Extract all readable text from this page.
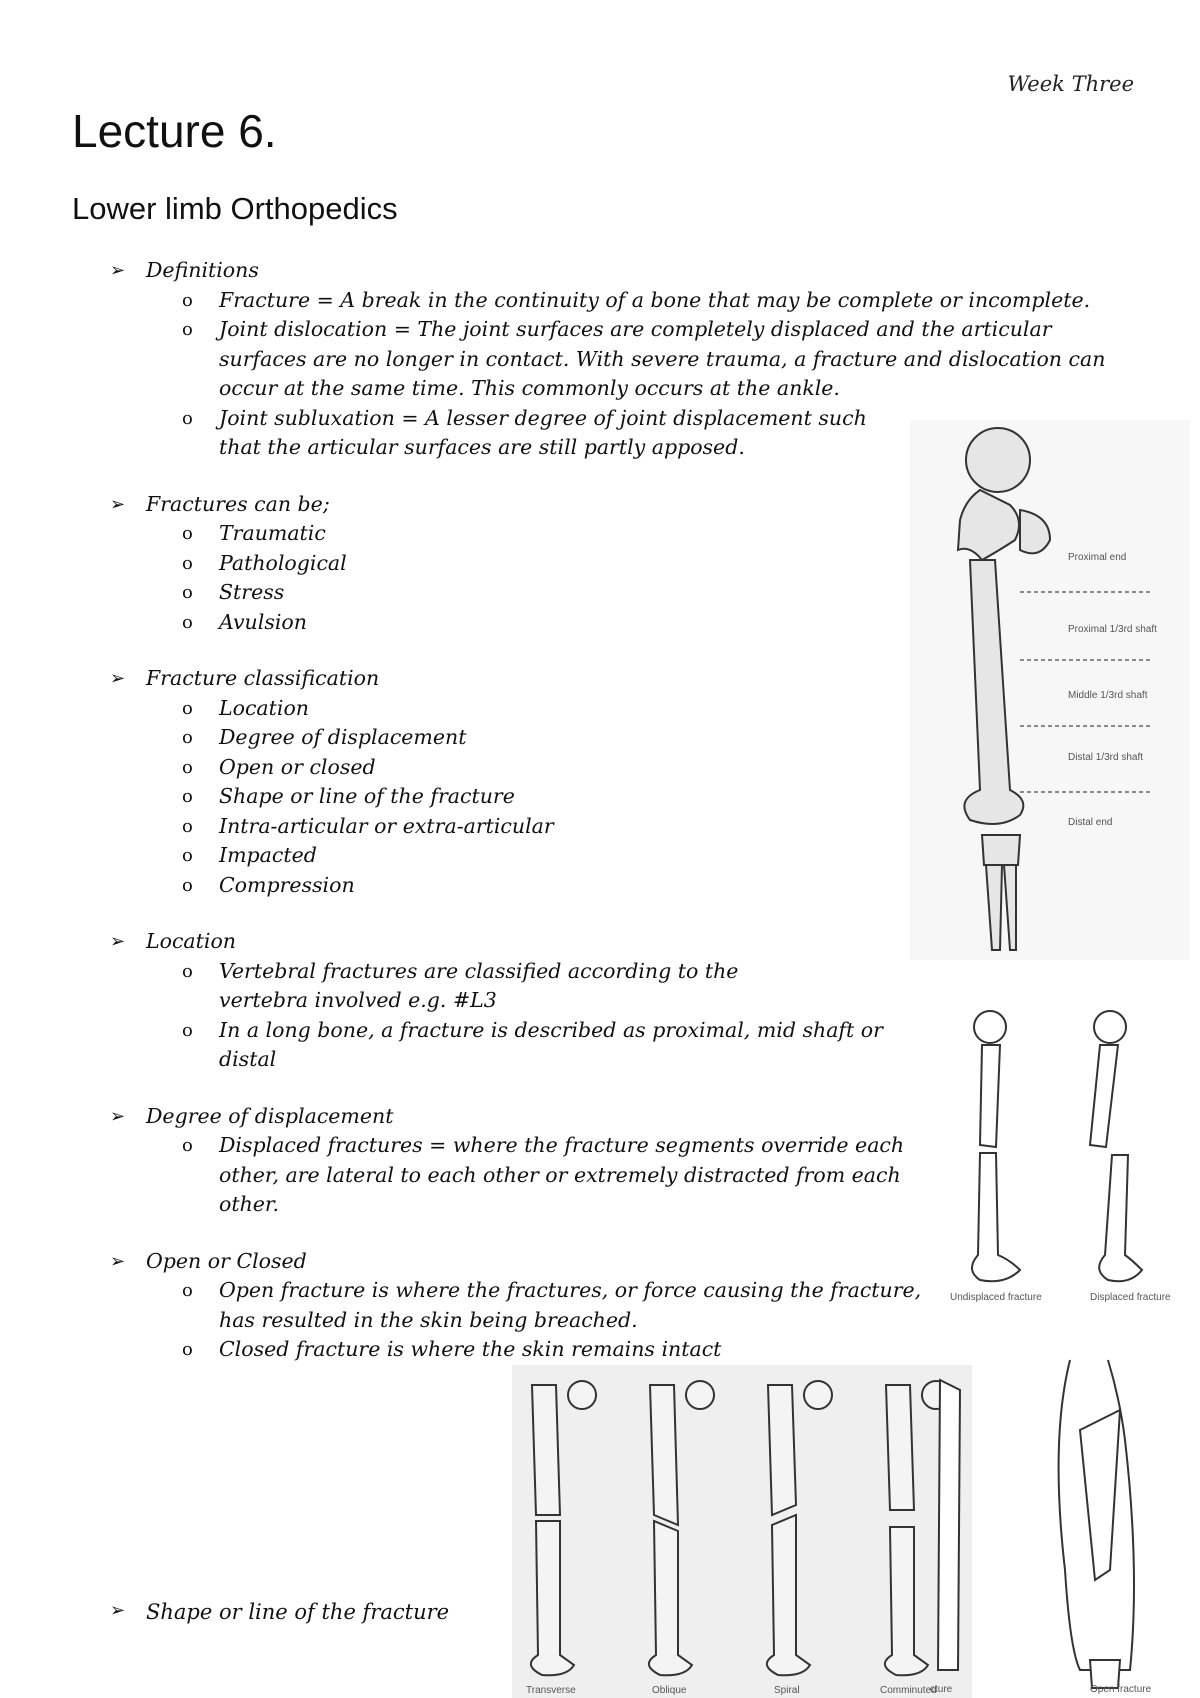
Week Three
Lecture 6.
Lower limb Orthopedics
➢	Definitions
o	Fracture = A break in the continuity of a bone that may be complete or incomplete.
o	Joint dislocation = The joint surfaces are completely displaced and the articular surfaces are no longer in contact. With severe trauma, a fracture and dislocation can occur at the same time. This commonly occurs at the ankle.
o	Joint subluxation = A lesser degree of joint displacement such that the articular surfaces are still partly apposed.
➢	Fractures can be;
o	Traumatic
o	Pathological
o	Stress
o	Avulsion
➢	Fracture classification
o	Location
o	Degree of displacement
o	Open or closed
o	Shape or line of the fracture
o	Intra-articular or extra-articular
o	Impacted
o	Compression
➢	Location
o	Vertebral fractures are classified according to the vertebra involved e.g. #L3
o	In a long bone, a fracture is described as proximal, mid shaft or distal
➢	Degree of displacement
o	Displaced fractures = where the fracture segments override each other, are lateral to each other or extremely distracted from each other.
➢	Open or Closed
o	Open fracture is where the fractures, or force causing the fracture, has resulted in the skin being breached.
o	Closed fracture is where the skin remains intact
➢ Shape or line of the fracture
Proximal end
Proximal 1/3rd shaft
Middle 1/3rd shaft
Distal 1/3rd shaft
Distal end
Undisplaced fracture	Displaced fracture
Transverse	Oblique	Spiral	Comminuted
cture	Open fracture
